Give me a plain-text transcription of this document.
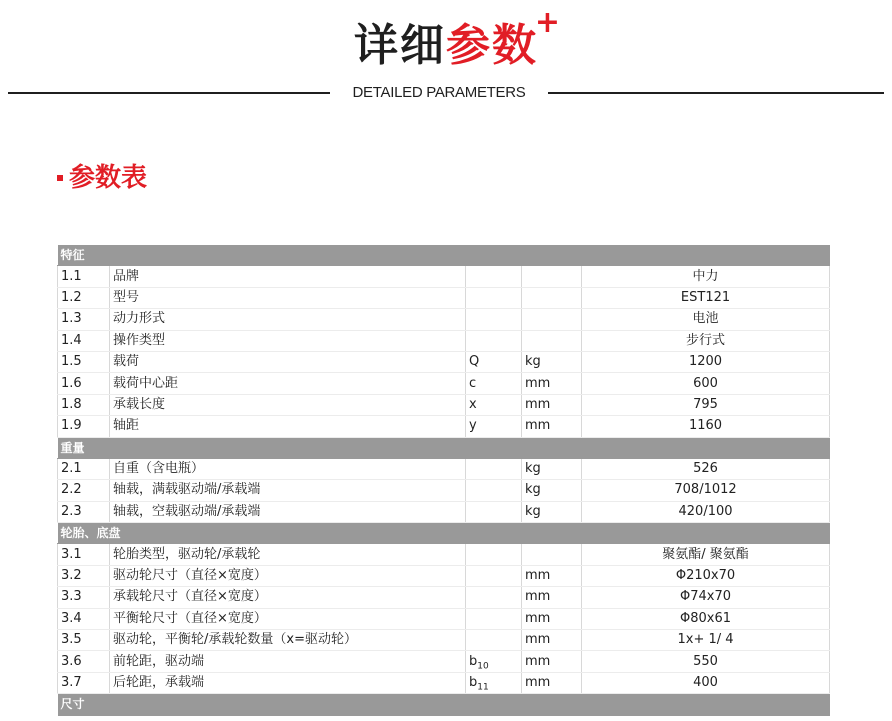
详细参数
+
DETAILED PARAMETERS
参数表
特征				
1.1	品牌			中力
1.2	型号			EST121
1.3	动力形式			电池
1.4	操作类型			步行式
1.5	载荷	Q	kg	1200
1.6	载荷中心距	c	mm	600
1.8	承载长度	x	mm	795
1.9	轴距	y	mm	1160
重量				
2.1	自重（含电瓶）		kg	526
2.2	轴载，满载驱动端/承载端		kg	708/1012
2.3	轴载，空载驱动端/承载端		kg	420/100
轮胎、底盘				
3.1	轮胎类型，驱动轮/承载轮			聚氨酯/ 聚氨酯
3.2	驱动轮尺寸（直径×宽度）		mm	Φ210x70
3.3	承载轮尺寸（直径×宽度）		mm	Φ74x70
3.4	平衡轮尺寸（直径×宽度）		mm	Φ80x61
3.5	驱动轮，平衡轮/承载轮数量（x=驱动轮）		mm	1x+ 1/ 4
3.6	前轮距，驱动端	$b_{10}$	mm	550
3.7	后轮距，承载端	$b_{11}$	mm	400
尺寸				
